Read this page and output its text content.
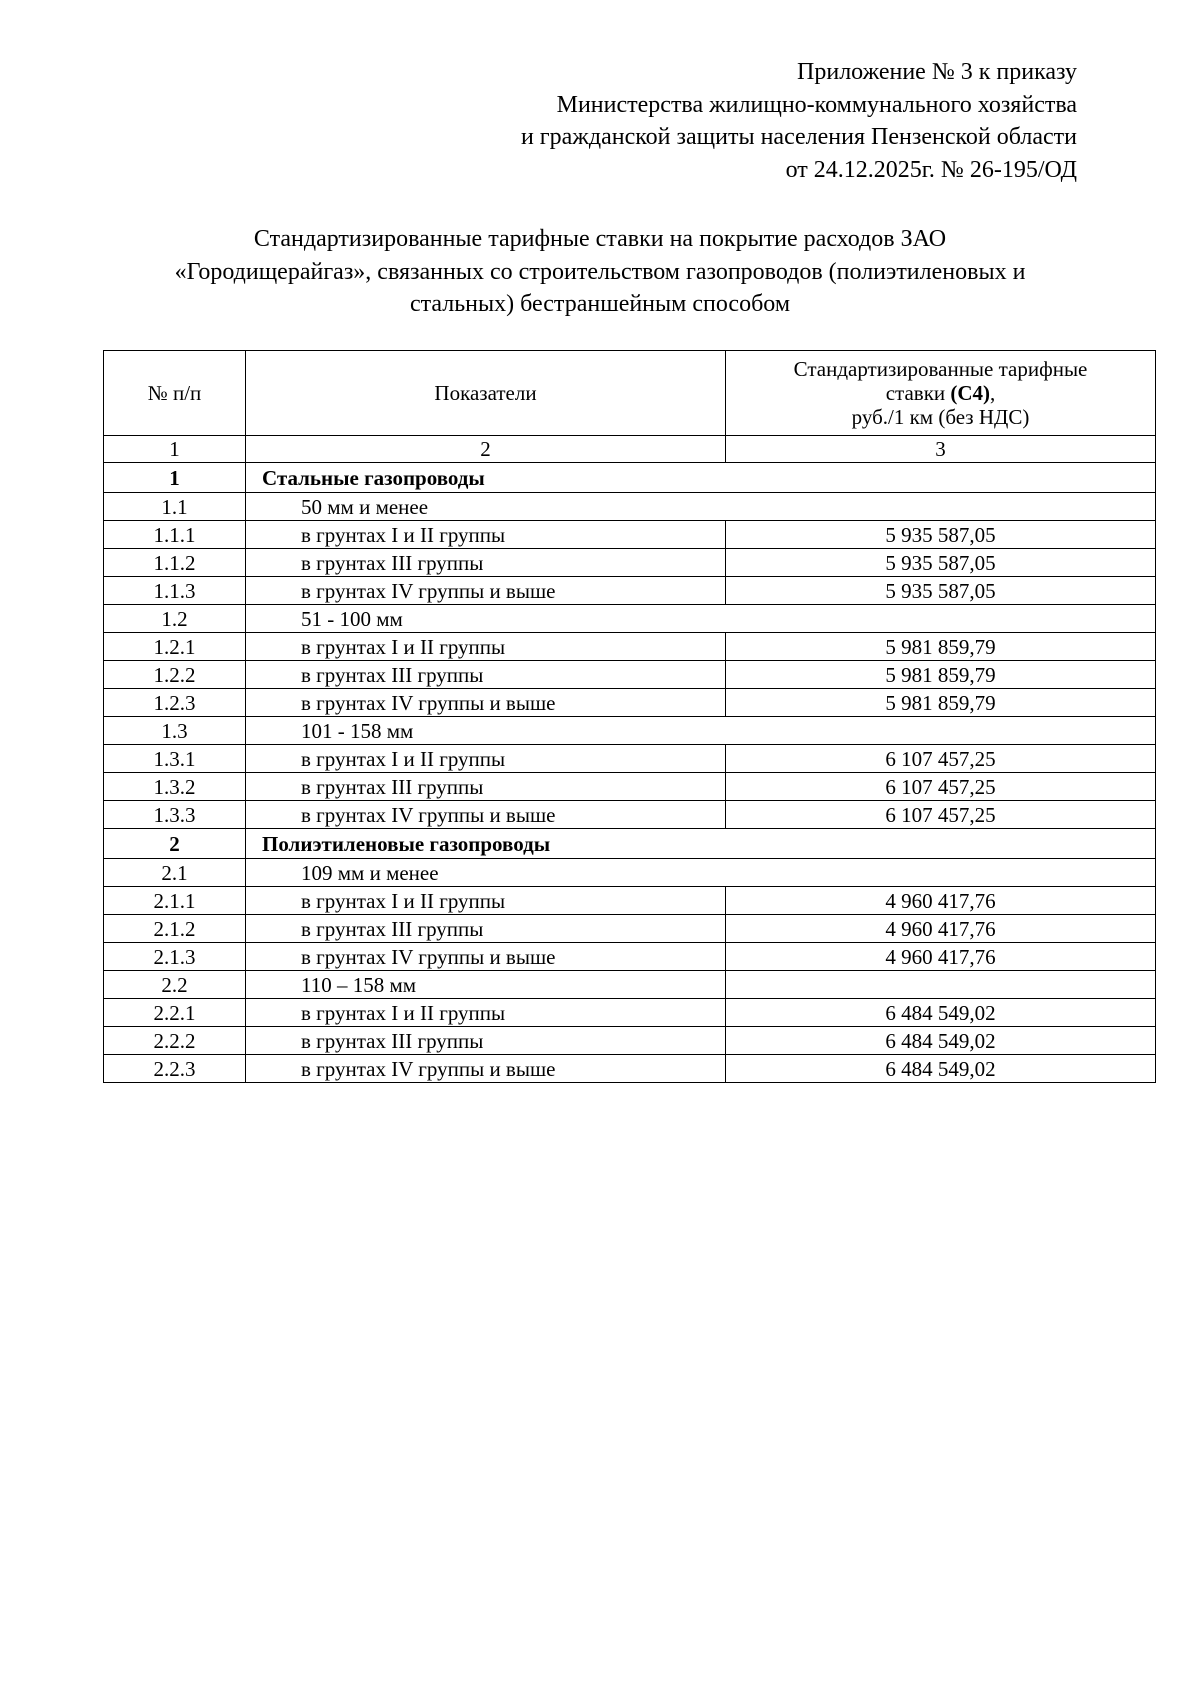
Приложение № 3 к приказу
Министерства жилищно-коммунального хозяйства
и гражданской защиты населения Пензенской области
от 24.12.2025г. № 26-195/ОД
Стандартизированные тарифные ставки на покрытие расходов ЗАО
«Городищерайгаз», связанных со строительством газопроводов (полиэтиленовых и
стальных) бестраншейным способом
№ п/п	Показатели	Стандартизированные тарифные
ставки (С4),
руб./1 км (без НДС)

1	2	3
1	Стальные газопроводы	
1.1	50 мм и менее	
1.1.1	в грунтах I и II группы	5 935 587,05
1.1.2	в грунтах III группы	5 935 587,05
1.1.3	в грунтах IV группы и выше	5 935 587,05
1.2	51 - 100 мм	
1.2.1	в грунтах I и II группы	5 981 859,79
1.2.2	в грунтах III группы	5 981 859,79
1.2.3	в грунтах IV группы и выше	5 981 859,79
1.3	101 - 158 мм	
1.3.1	в грунтах I и II группы	6 107 457,25
1.3.2	в грунтах III группы	6 107 457,25
1.3.3	в грунтах IV группы и выше	6 107 457,25
2	Полиэтиленовые газопроводы	
2.1	109 мм и менее	
2.1.1	в грунтах I и II группы	4 960 417,76
2.1.2	в грунтах III группы	4 960 417,76
2.1.3	в грунтах IV группы и выше	4 960 417,76
2.2	110 – 158 мм	
2.2.1	в грунтах I и II группы	6 484 549,02
2.2.2	в грунтах III группы	6 484 549,02
2.2.3	в грунтах IV группы и выше	6 484 549,02
